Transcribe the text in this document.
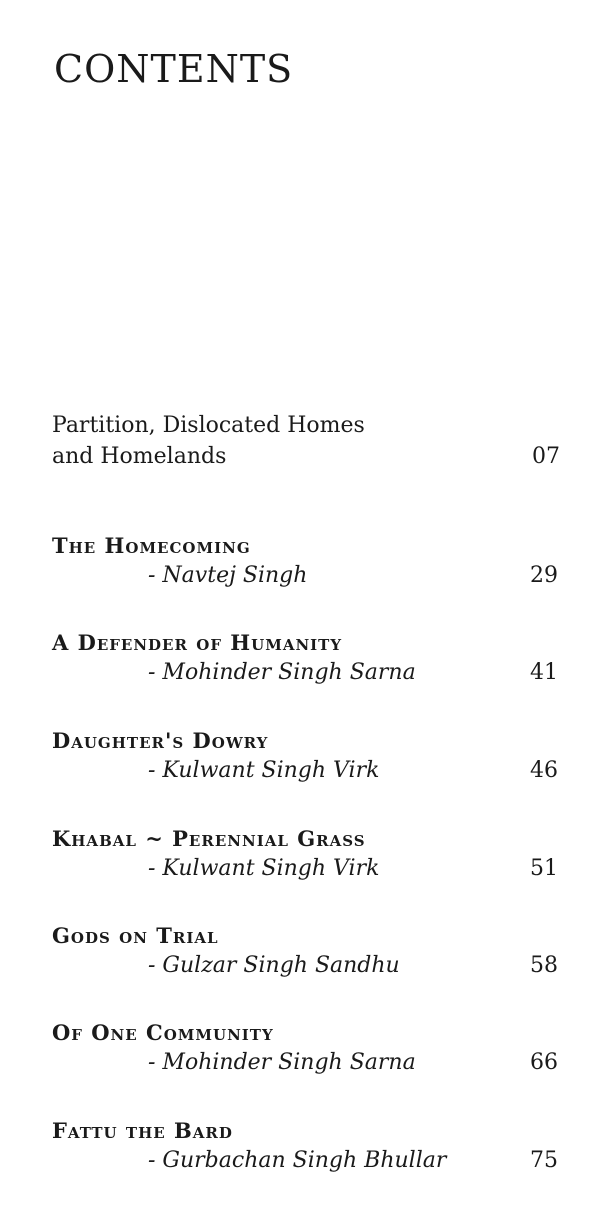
CONTENTS
Partition, Dislocated Homes
and Homelands	07
The Homecoming
- Navtej Singh	29
A Defender of Humanity
- Mohinder Singh Sarna	41
Daughter's Dowry
- Kulwant Singh Virk	46
Khabal ~ Perennial Grass
- Kulwant Singh Virk	51
Gods on Trial
- Gulzar Singh Sandhu	58
Of One Community
- Mohinder Singh Sarna	66
Fattu the Bard
- Gurbachan Singh Bhullar	75
